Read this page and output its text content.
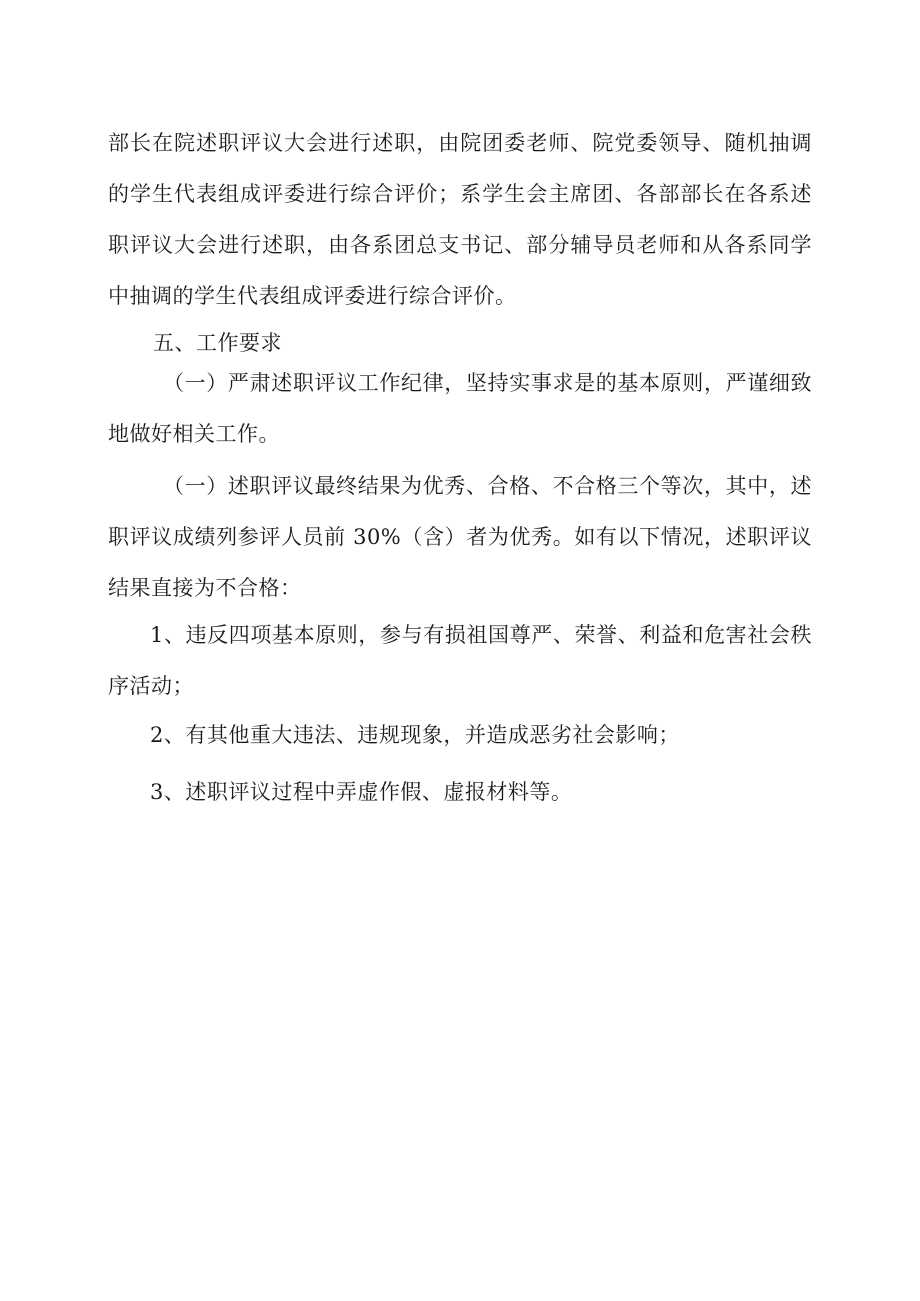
部长在院述职评议大会进行述职，由院团委老师、院党委领导、随机抽调的学生代表组成评委进行综合评价；系学生会主席团、各部部长在各系述职评议大会进行述职，由各系团总支书记、部分辅导员老师和从各系同学中抽调的学生代表组成评委进行综合评价。

五、工作要求

（一）严肃述职评议工作纪律，坚持实事求是的基本原则，严谨细致地做好相关工作。

（一）述职评议最终结果为优秀、合格、不合格三个等次，其中，述职评议成绩列参评人员前 30%（含）者为优秀。如有以下情况，述职评议结果直接为不合格：

1、违反四项基本原则，参与有损祖国尊严、荣誉、利益和危害社会秩序活动；

2、有其他重大违法、违规现象，并造成恶劣社会影响；

3、述职评议过程中弄虚作假、虚报材料等。
